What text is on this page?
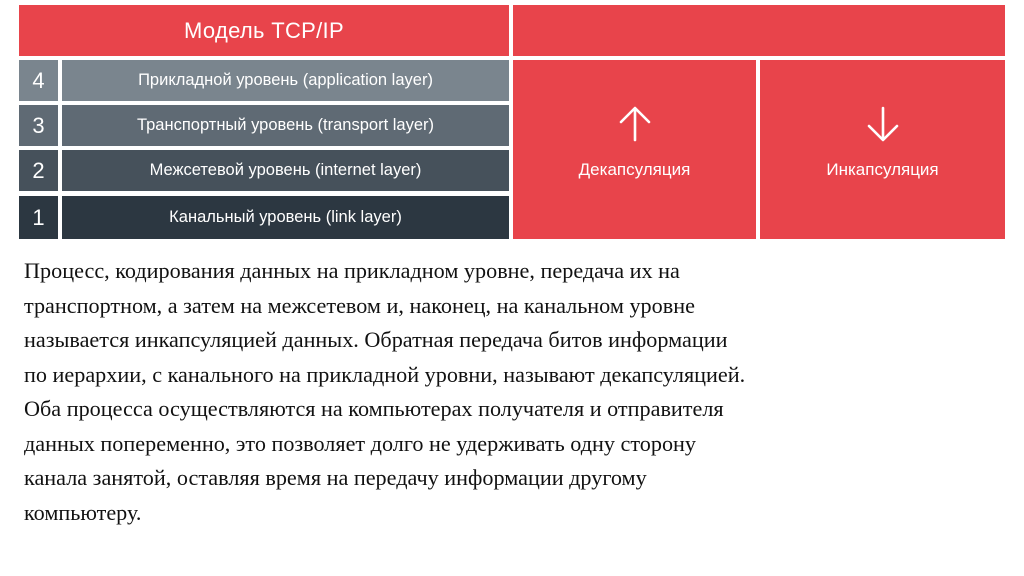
Модель TCP/IP
4	Прикладной уровень (application layer)
3	Транспортный уровень (transport layer)
2	Межсетевой уровень (internet layer)
1	Канальный уровень (link layer)
Декапсуляция	Инкапсуляция
Процесс, кодирования данных на прикладном уровне, передача их на
транспортном, а затем на межсетевом и, наконец, на канальном уровне
называется инкапсуляцией данных. Обратная передача битов информации
по иерархии, с канального на прикладной уровни, называют декапсуляцией.
Оба процесса осуществляются на компьютерах получателя и отправителя
данных попеременно, это позволяет долго не удерживать одну сторону
канала занятой, оставляя время на передачу информации другому
компьютеру.
